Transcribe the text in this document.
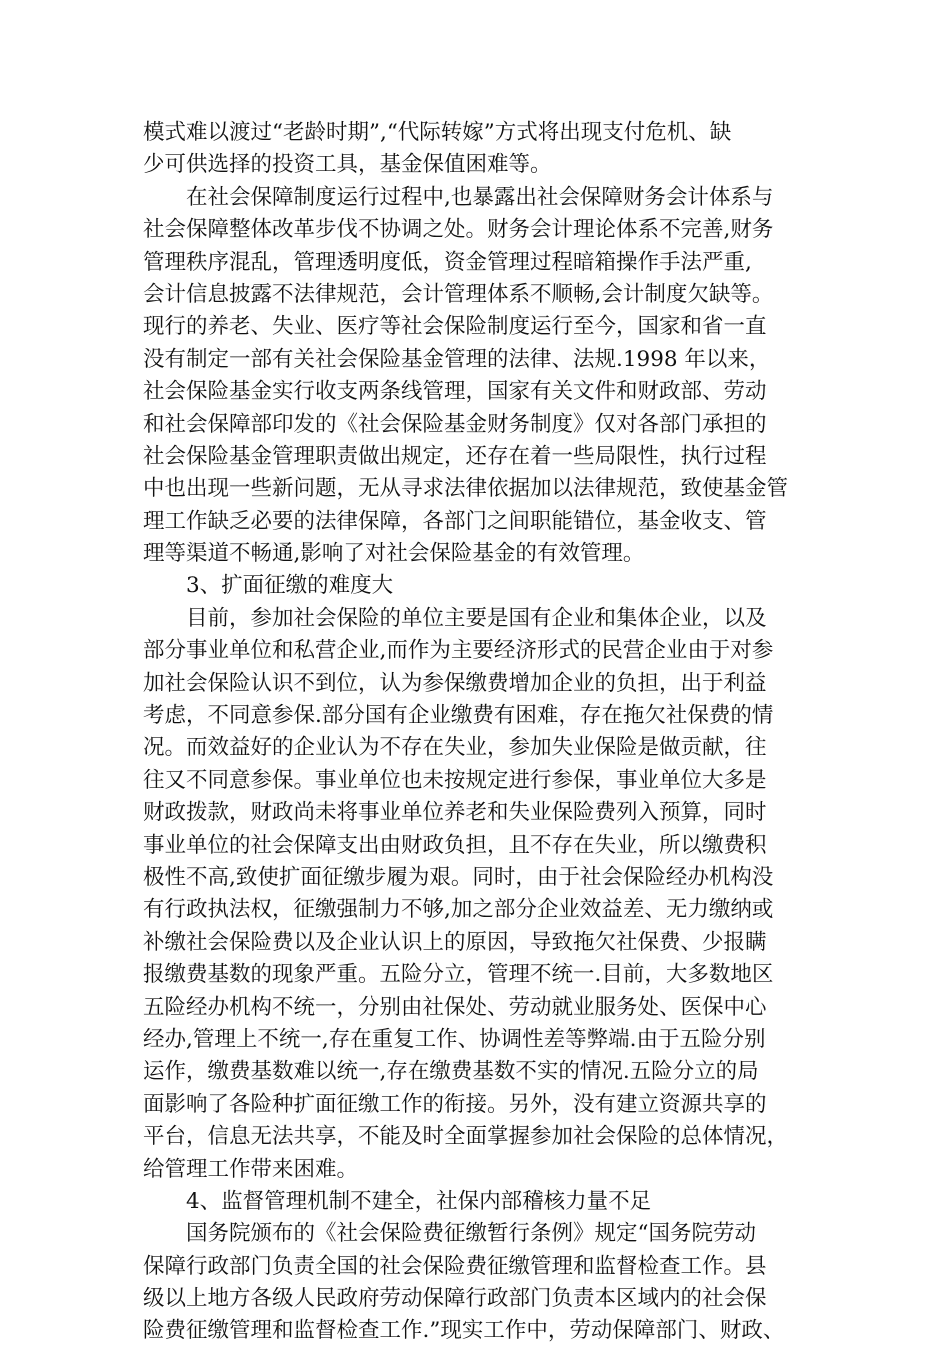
模式难以渡过“老龄时期”,“代际转嫁”方式将出现支付危机、缺
少可供选择的投资工具，基金保值困难等。
在社会保障制度运行过程中,也暴露出社会保障财务会计体系与
社会保障整体改革步伐不协调之处。财务会计理论体系不完善,财务
管理秩序混乱，管理透明度低，资金管理过程暗箱操作手法严重,
会计信息披露不法律规范，会计管理体系不顺畅,会计制度欠缺等。
现行的养老、失业、医疗等社会保险制度运行至今，国家和省一直
没有制定一部有关社会保险基金管理的法律、法规.1998 年以来，
社会保险基金实行收支两条线管理，国家有关文件和财政部、劳动
和社会保障部印发的《社会保险基金财务制度》仅对各部门承担的
社会保险基金管理职责做出规定，还存在着一些局限性，执行过程
中也出现一些新问题，无从寻求法律依据加以法律规范，致使基金管
理工作缺乏必要的法律保障，各部门之间职能错位，基金收支、管
理等渠道不畅通,影响了对社会保险基金的有效管理。
3、扩面征缴的难度大
目前，参加社会保险的单位主要是国有企业和集体企业，以及
部分事业单位和私营企业,而作为主要经济形式的民营企业由于对参
加社会保险认识不到位，认为参保缴费增加企业的负担，出于利益
考虑，不同意参保.部分国有企业缴费有困难，存在拖欠社保费的情
况。而效益好的企业认为不存在失业，参加失业保险是做贡献，往
往又不同意参保。事业单位也未按规定进行参保，事业单位大多是
财政拨款，财政尚未将事业单位养老和失业保险费列入预算，同时
事业单位的社会保障支出由财政负担，且不存在失业，所以缴费积
极性不高,致使扩面征缴步履为艰。同时，由于社会保险经办机构没
有行政执法权，征缴强制力不够,加之部分企业效益差、无力缴纳或
补缴社会保险费以及企业认识上的原因，导致拖欠社保费、少报瞒
报缴费基数的现象严重。五险分立，管理不统一.目前，大多数地区
五险经办机构不统一，分别由社保处、劳动就业服务处、医保中心
经办,管理上不统一,存在重复工作、协调性差等弊端.由于五险分别
运作，缴费基数难以统一,存在缴费基数不实的情况.五险分立的局
面影响了各险种扩面征缴工作的衔接。另外，没有建立资源共享的
平台，信息无法共享，不能及时全面掌握参加社会保险的总体情况，
给管理工作带来困难。
4、监督管理机制不建全，社保内部稽核力量不足
国务院颁布的《社会保险费征缴暂行条例》规定“国务院劳动
保障行政部门负责全国的社会保险费征缴管理和监督检查工作。县
级以上地方各级人民政府劳动保障行政部门负责本区域内的社会保
险费征缴管理和监督检查工作.”现实工作中，劳动保障部门、财政、
